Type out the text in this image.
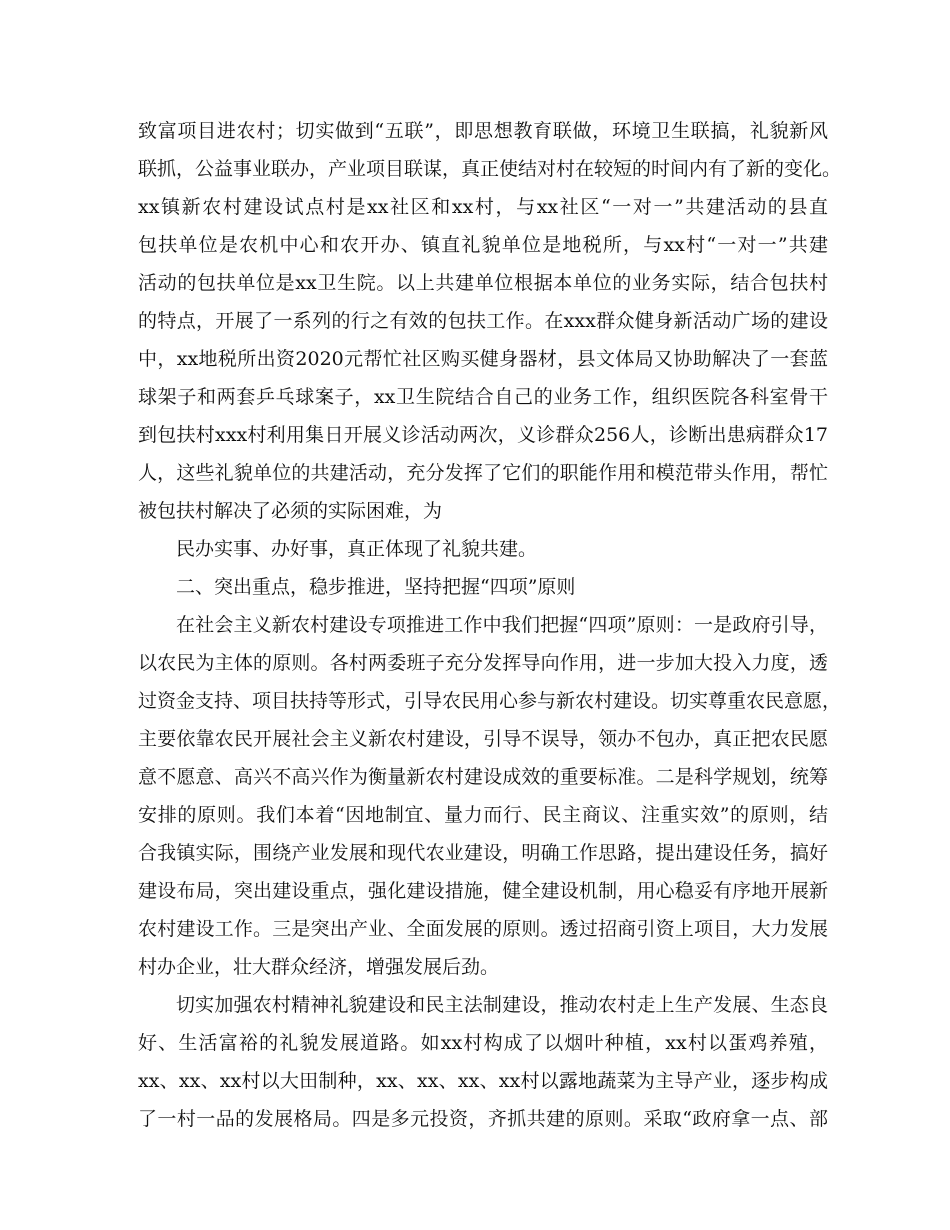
致富项目进农村；切实做到“五联”，即思想教育联做，环境卫生联搞，礼貌新风
联抓，公益事业联办，产业项目联谋，真正使结对村在较短的时间内有了新的变化。
xx镇新农村建设试点村是xx社区和xx村，与xx社区“一对一”共建活动的县直
包扶单位是农机中心和农开办、镇直礼貌单位是地税所，与xx村“一对一”共建
活动的包扶单位是xx卫生院。以上共建单位根据本单位的业务实际，结合包扶村
的特点，开展了一系列的行之有效的包扶工作。在xxx群众健身新活动广场的建设
中，xx地税所出资2020元帮忙社区购买健身器材，县文体局又协助解决了一套蓝
球架子和两套乒乓球案子，xx卫生院结合自己的业务工作，组织医院各科室骨干
到包扶村xxx村利用集日开展义诊活动两次，义诊群众256人，诊断出患病群众17
人，这些礼貌单位的共建活动，充分发挥了它们的职能作用和模范带头作用，帮忙
被包扶村解决了必须的实际困难，为
民办实事、办好事，真正体现了礼貌共建。
二、突出重点，稳步推进，坚持把握“四项”原则
在社会主义新农村建设专项推进工作中我们把握“四项”原则：一是政府引导，
以农民为主体的原则。各村两委班子充分发挥导向作用，进一步加大投入力度，透
过资金支持、项目扶持等形式，引导农民用心参与新农村建设。切实尊重农民意愿，
主要依靠农民开展社会主义新农村建设，引导不误导，领办不包办，真正把农民愿
意不愿意、高兴不高兴作为衡量新农村建设成效的重要标准。二是科学规划，统筹
安排的原则。我们本着“因地制宜、量力而行、民主商议、注重实效”的原则，结
合我镇实际，围绕产业发展和现代农业建设，明确工作思路，提出建设任务，搞好
建设布局，突出建设重点，强化建设措施，健全建设机制，用心稳妥有序地开展新
农村建设工作。三是突出产业、全面发展的原则。透过招商引资上项目，大力发展
村办企业，壮大群众经济，增强发展后劲。
切实加强农村精神礼貌建设和民主法制建设，推动农村走上生产发展、生态良
好、生活富裕的礼貌发展道路。如xx村构成了以烟叶种植，xx村以蛋鸡养殖，
xx、xx、xx村以大田制种，xx、xx、xx、xx村以露地蔬菜为主导产业，逐步构成
了一村一品的发展格局。四是多元投资，齐抓共建的原则。采取“政府拿一点、部
